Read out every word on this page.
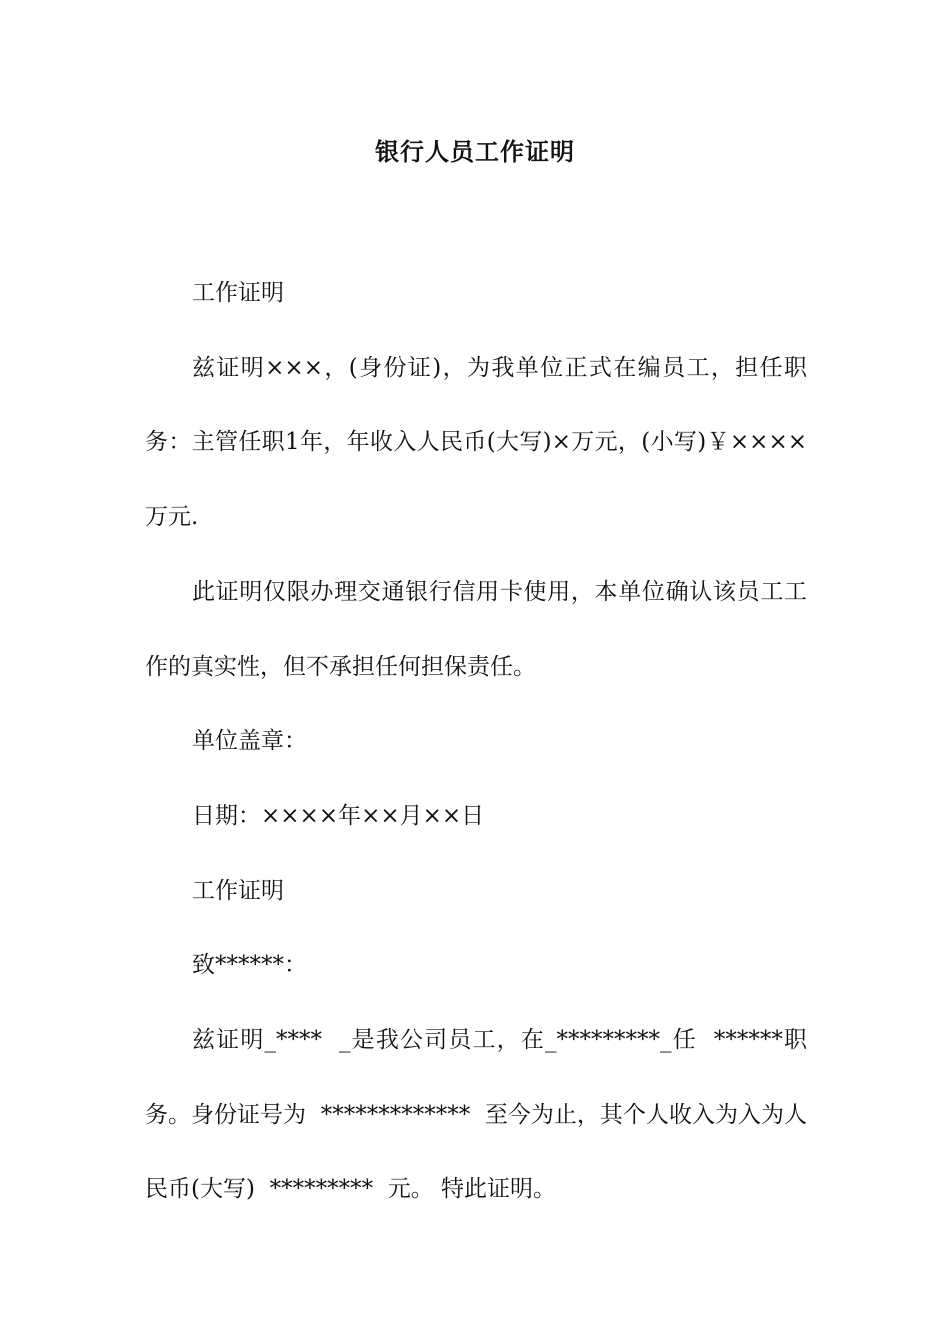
银行人员工作证明

工作证明

兹证明×××，(身份证)，为我单位正式在编员工，担任职务：主管任职1年，年收入人民币(大写)×万元，(小写)￥××××万元.

此证明仅限办理交通银行信用卡使用，本单位确认该员工工作的真实性，但不承担任何担保责任。

单位盖章：

日期：××××年××月××日

工作证明

致******：

兹证明_****  _是我公司员工，在_*********_任  ******职务。身份证号为  *************  至今为止，其个人收入为入为人民币(大写)  *********  元。 特此证明。
